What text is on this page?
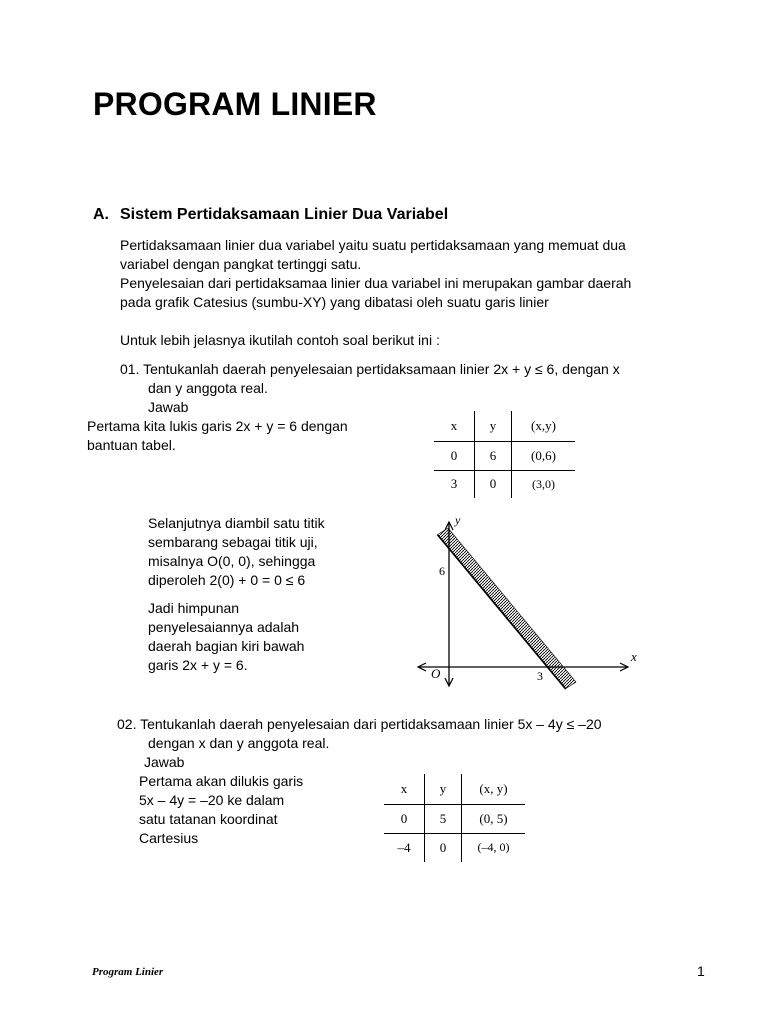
PROGRAM LINIER
A. Sistem Pertidaksamaan Linier Dua Variabel
Pertidaksamaan linier dua variabel yaitu suatu pertidaksamaan yang memuat dua
variabel dengan pangkat tertinggi satu.
Penyelesaian dari pertidaksamaa linier dua variabel ini merupakan gambar daerah
pada grafik Catesius (sumbu-XY) yang dibatasi oleh suatu garis linier
Untuk lebih jelasnya ikutilah contoh soal berikut ini :
01. Tentukanlah daerah penyelesaian pertidaksamaan linier 2x + y ≤ 6, dengan x
dan y anggota real.
Jawab
Pertama kita lukis garis 2x + y = 6 dengan
bantuan tabel.
x	y	(x,y)
0	6	(0,6)
3	0	(3,0)
Selanjutnya diambil satu titik
sembarang sebagai titik uji,
misalnya O(0, 0), sehingga
diperoleh 2(0) + 0 = 0 ≤ 6
Jadi himpunan
penyelesaiannya adalah
daerah bagian kiri bawah
garis 2x + y = 6.
y
x
O
6
3
02. Tentukanlah daerah penyelesaian dari pertidaksamaan linier 5x – 4y ≤ –20
dengan x dan y anggota real.
Jawab
Pertama akan dilukis garis
5x – 4y = –20 ke dalam
satu tatanan koordinat
Cartesius
x	y	(x, y)
0	5	(0, 5)
–4	0	(–4, 0)
Program Linier	1
